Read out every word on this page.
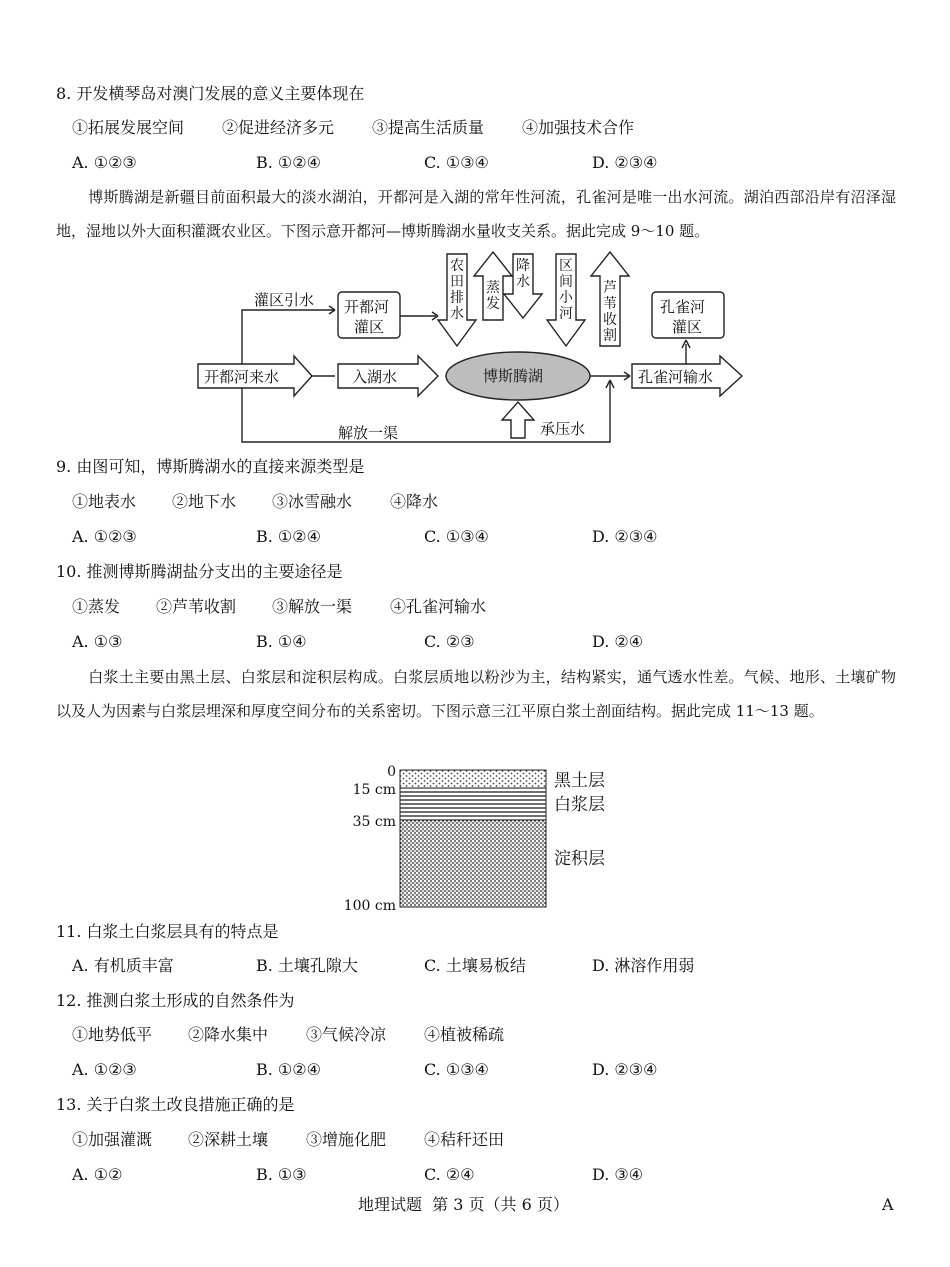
8. 开发横琴岛对澳门发展的意义主要体现在
①拓展发展空间 ②促进经济多元 ③提高生活质量 ④加强技术合作
A. ①②③	B. ①②④	C. ①③④	D. ②③④
博斯腾湖是新疆目前面积最大的淡水湖泊，开都河是入湖的常年性河流，孔雀河是唯一出水河流。湖泊西部沿岸有沼泽湿地，湿地以外大面积灌溉农业区。下图示意开都河—博斯腾湖水量收支关系。据此完成 9～10 题。
开都河来水
灌区引水 开都河
灌区
入湖水	博斯腾湖	孔雀河输水
孔雀河
灌区
解放一渠	承压水
农田排水
蒸发
降水
区间小河
芦苇收割
9. 由图可知，博斯腾湖水的直接来源类型是
①地表水 ②地下水 ③冰雪融水 ④降水
A. ①②③	B. ①②④	C. ①③④	D. ②③④
10. 推测博斯腾湖盐分支出的主要途径是
①蒸发 ②芦苇收割 ③解放一渠 ④孔雀河输水
A. ①③	B. ①④	C. ②③	D. ②④
白浆土主要由黑土层、白浆层和淀积层构成。白浆层质地以粉沙为主，结构紧实，通气透水性差。气候、地形、土壤矿物以及人为因素与白浆层埋深和厚度空间分布的关系密切。下图示意三江平原白浆土剖面结构。据此完成 11～13 题。
0
15 cm
35 cm
100 cm
黑土层
白浆层
淀积层
11. 白浆土白浆层具有的特点是
A. 有机质丰富	B. 土壤孔隙大	C. 土壤易板结	D. 淋溶作用弱
12. 推测白浆土形成的自然条件为
①地势低平 ②降水集中 ③气候冷凉 ④植被稀疏
A. ①②③	B. ①②④	C. ①③④	D. ②③④
13. 关于白浆土改良措施正确的是
①加强灌溉 ②深耕土壤 ③增施化肥 ④秸秆还田
A. ①②	B. ①③	C. ②④	D. ③④
地理试题  第 3 页（共 6 页）	A
